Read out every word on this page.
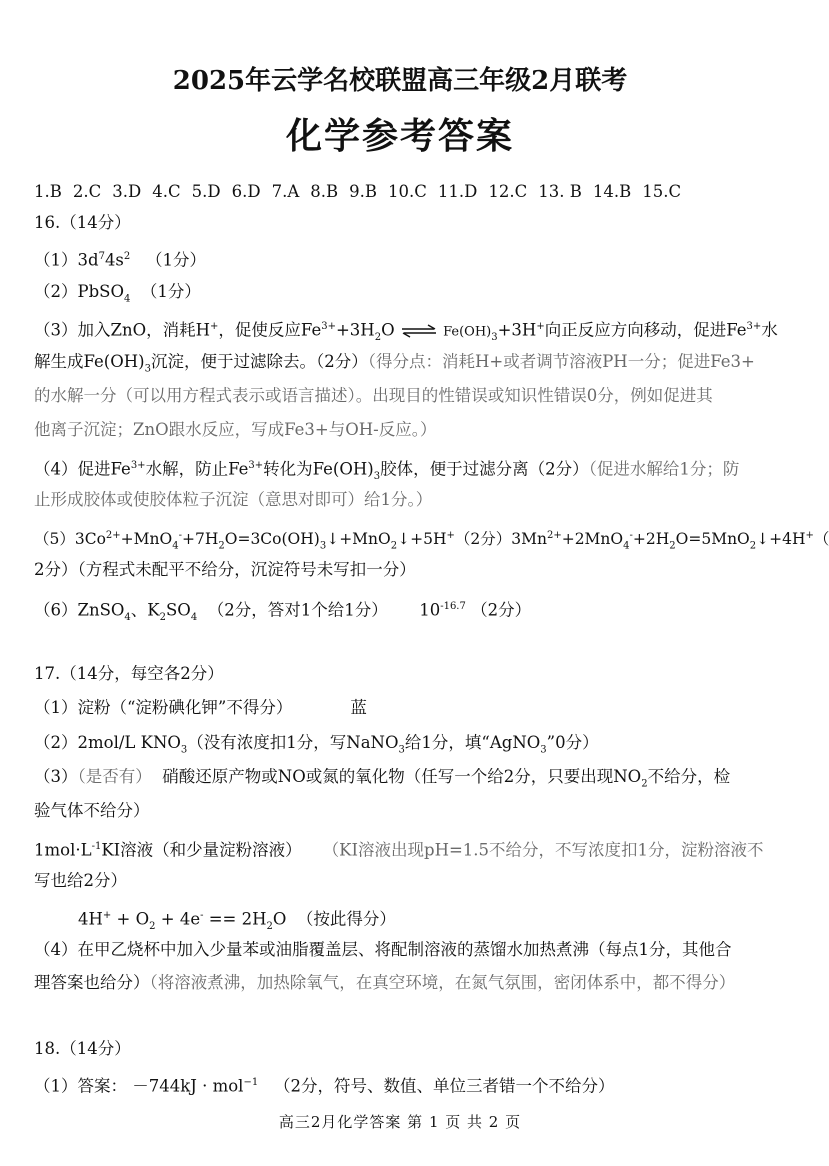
2025年云学名校联盟高三年级2月联考
化学参考答案
1.B 2.C 3.D 4.C 5.D 6.D 7.A 8.B 9.B 10.C 11.D 12.C 13. B 14.B 15.C
16.（14分）
$(1)3d^74s^2$ （1分）
（2）PbSO$_4$ （1分）
（3）加入ZnO，消耗H+，促使反应$Fe^{3+}+3H_2O$ ⇌ $Fe(OH)_3+3H^+$向正反应方向移动，促进$Fe^{3+}$水
解生成$Fe(OH)_3$沉淀，便于过滤除去。（2分）（得分点：消耗H+或者调节溶液PH一分；促进Fe3+
的水解一分（可以用方程式表示或语言描述）。出现目的性错误或知识性错误0分，例如促进其
他离子沉淀；ZnO跟水反应，写成Fe3+与OH-反应。）
（4）促进$Fe^{3+}$水解，防止$Fe^{3+}$转化为$Fe(OH)_3$胶体，便于过滤分离（2分）（促进水解给1分；防
止形成胶体或使胶体粒子沉淀（意思对即可）给1分。）
$(5)3Co^{2+}+MnO_4^-+7H_2O=3Co(OH)_3↓+MnO_2↓+5H^+(2$分）$3Mn^{2+}+2MnO_4^-+2H_2O=5MnO_2↓+4H^+$（
2分）（方程式未配平不给分，沉淀符号未写扣一分）
（6）ZnSO$_4$、$K_2SO_4$ （2分，答对1个给1分） $10^{-16.7}$ （2分）
17.（14分，每空各2分）
（1）淀粉（“淀粉碘化钾”不得分）	蓝
（2）2mol/L $KNO_3$（没有浓度扣1分，写NaNO$_3$给1分，填“AgNO$_3$”0分）
（3）（是否有） 硝酸还原产物或NO或氮的氧化物（任写一个给2分，只要出现$NO_2$不给分，检
验气体不给分）
$1mol\cdot L^{-1}KI$溶液（和少量淀粉溶液） （KI溶液出现pH=1.5不给分，不写浓度扣1分，淀粉溶液不
写也给2分）
$4H^+ + O_2 + 4e^- == 2H_2O$ （按此得分）
（4）在甲乙烧杯中加入少量苯或油脂覆盖层、将配制溶液的蒸馏水加热煮沸（每点1分，其他合
理答案也给分）（将溶液煮沸，加热除氧气，在真空环境，在氮气氛围，密闭体系中，都不得分）
18.（14分）
（1）答案： －744kJ · mol$^{-1}$ （2分，符号、数值、单位三者错一个不给分）
高三2月化学答案 第 1 页 共 2 页
